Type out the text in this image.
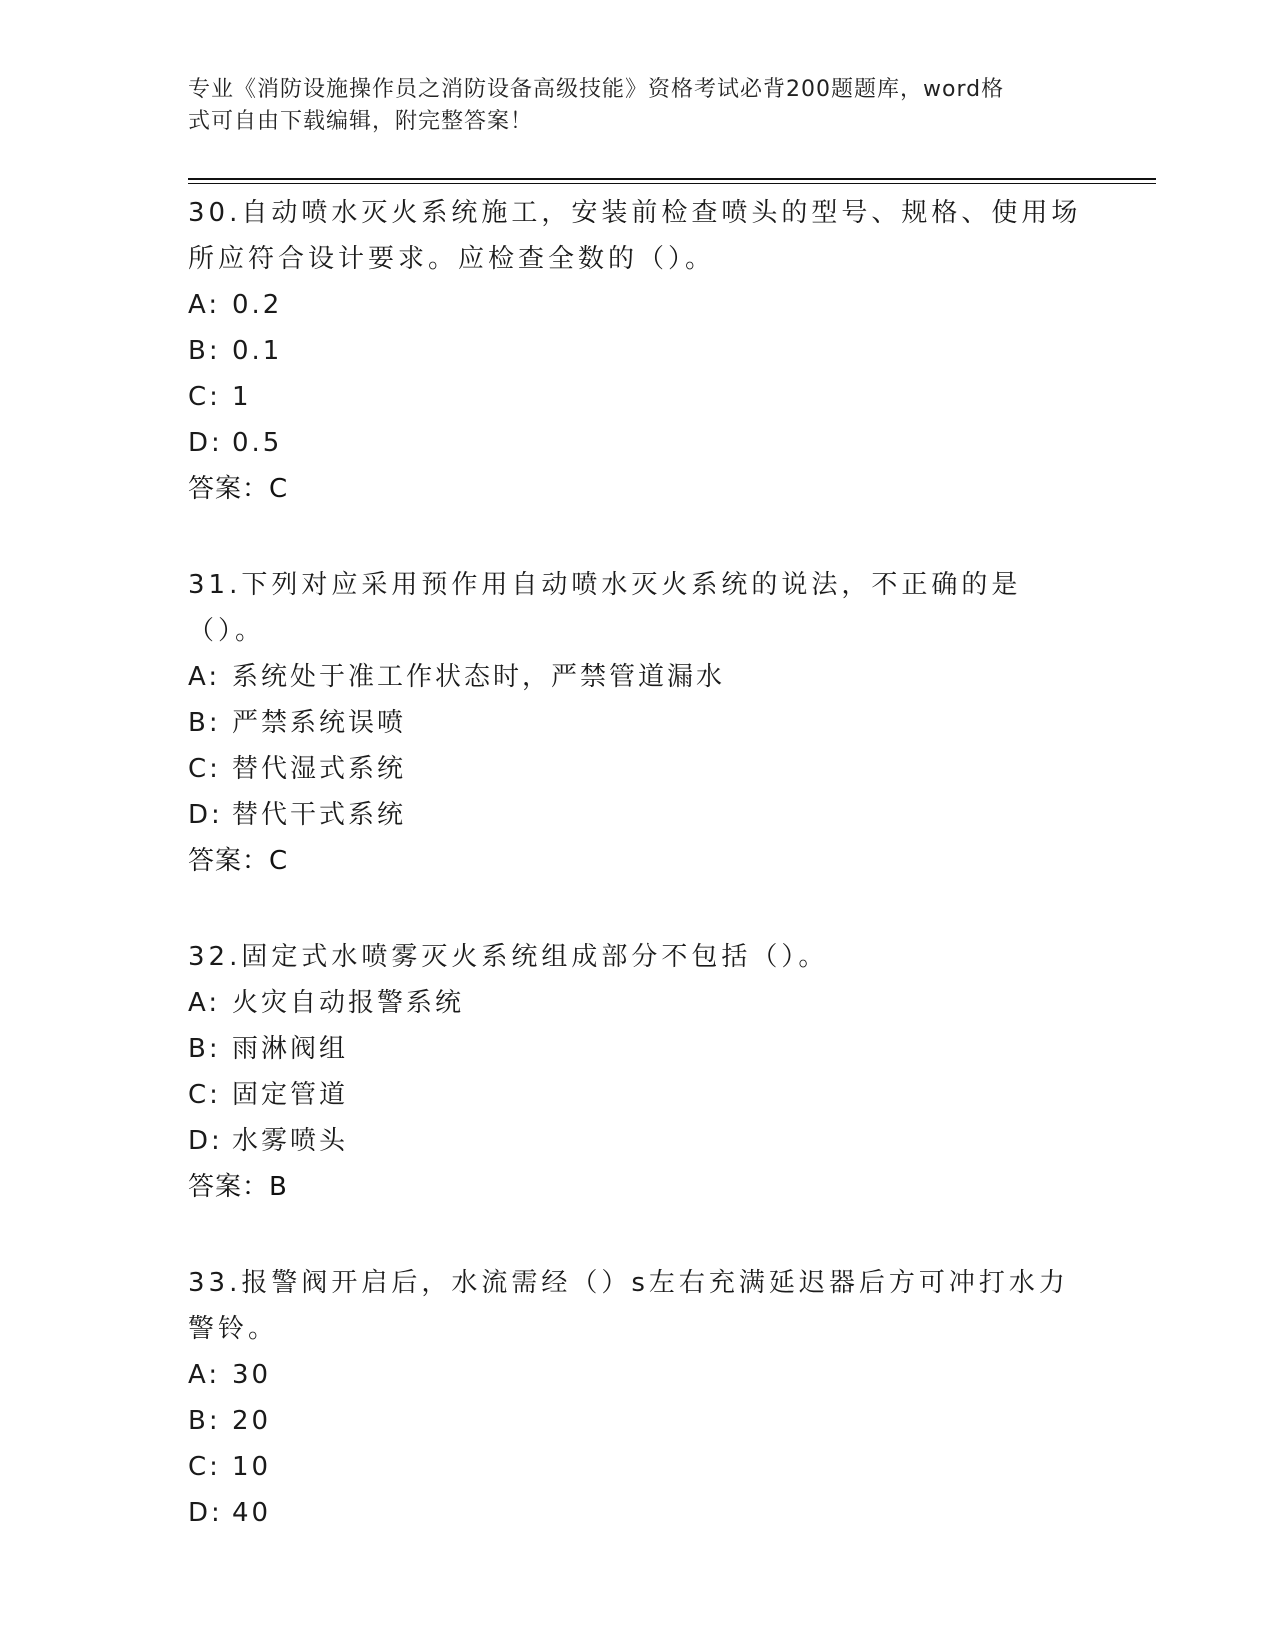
专业《消防设施操作员之消防设备高级技能》资格考试必背200题题库，word格
式可自由下载编辑，附完整答案！

30.自动喷水灭火系统施工，安装前检查喷头的型号、规格、使用场所应符合设计要求。应检查全数的（）。

A: 0.2

B: 0.1

C: 1

D: 0.5

答案：C

31.下列对应采用预作用自动喷水灭火系统的说法，不正确的是（）。

A: 系统处于准工作状态时，严禁管道漏水

B: 严禁系统误喷

C: 替代湿式系统

D: 替代干式系统

答案：C

32.固定式水喷雾灭火系统组成部分不包括（）。

A: 火灾自动报警系统

B: 雨淋阀组

C: 固定管道

D: 水雾喷头

答案：B

33.报警阀开启后，水流需经（）s左右充满延迟器后方可冲打水力警铃。

A: 30

B: 20

C: 10

D: 40
